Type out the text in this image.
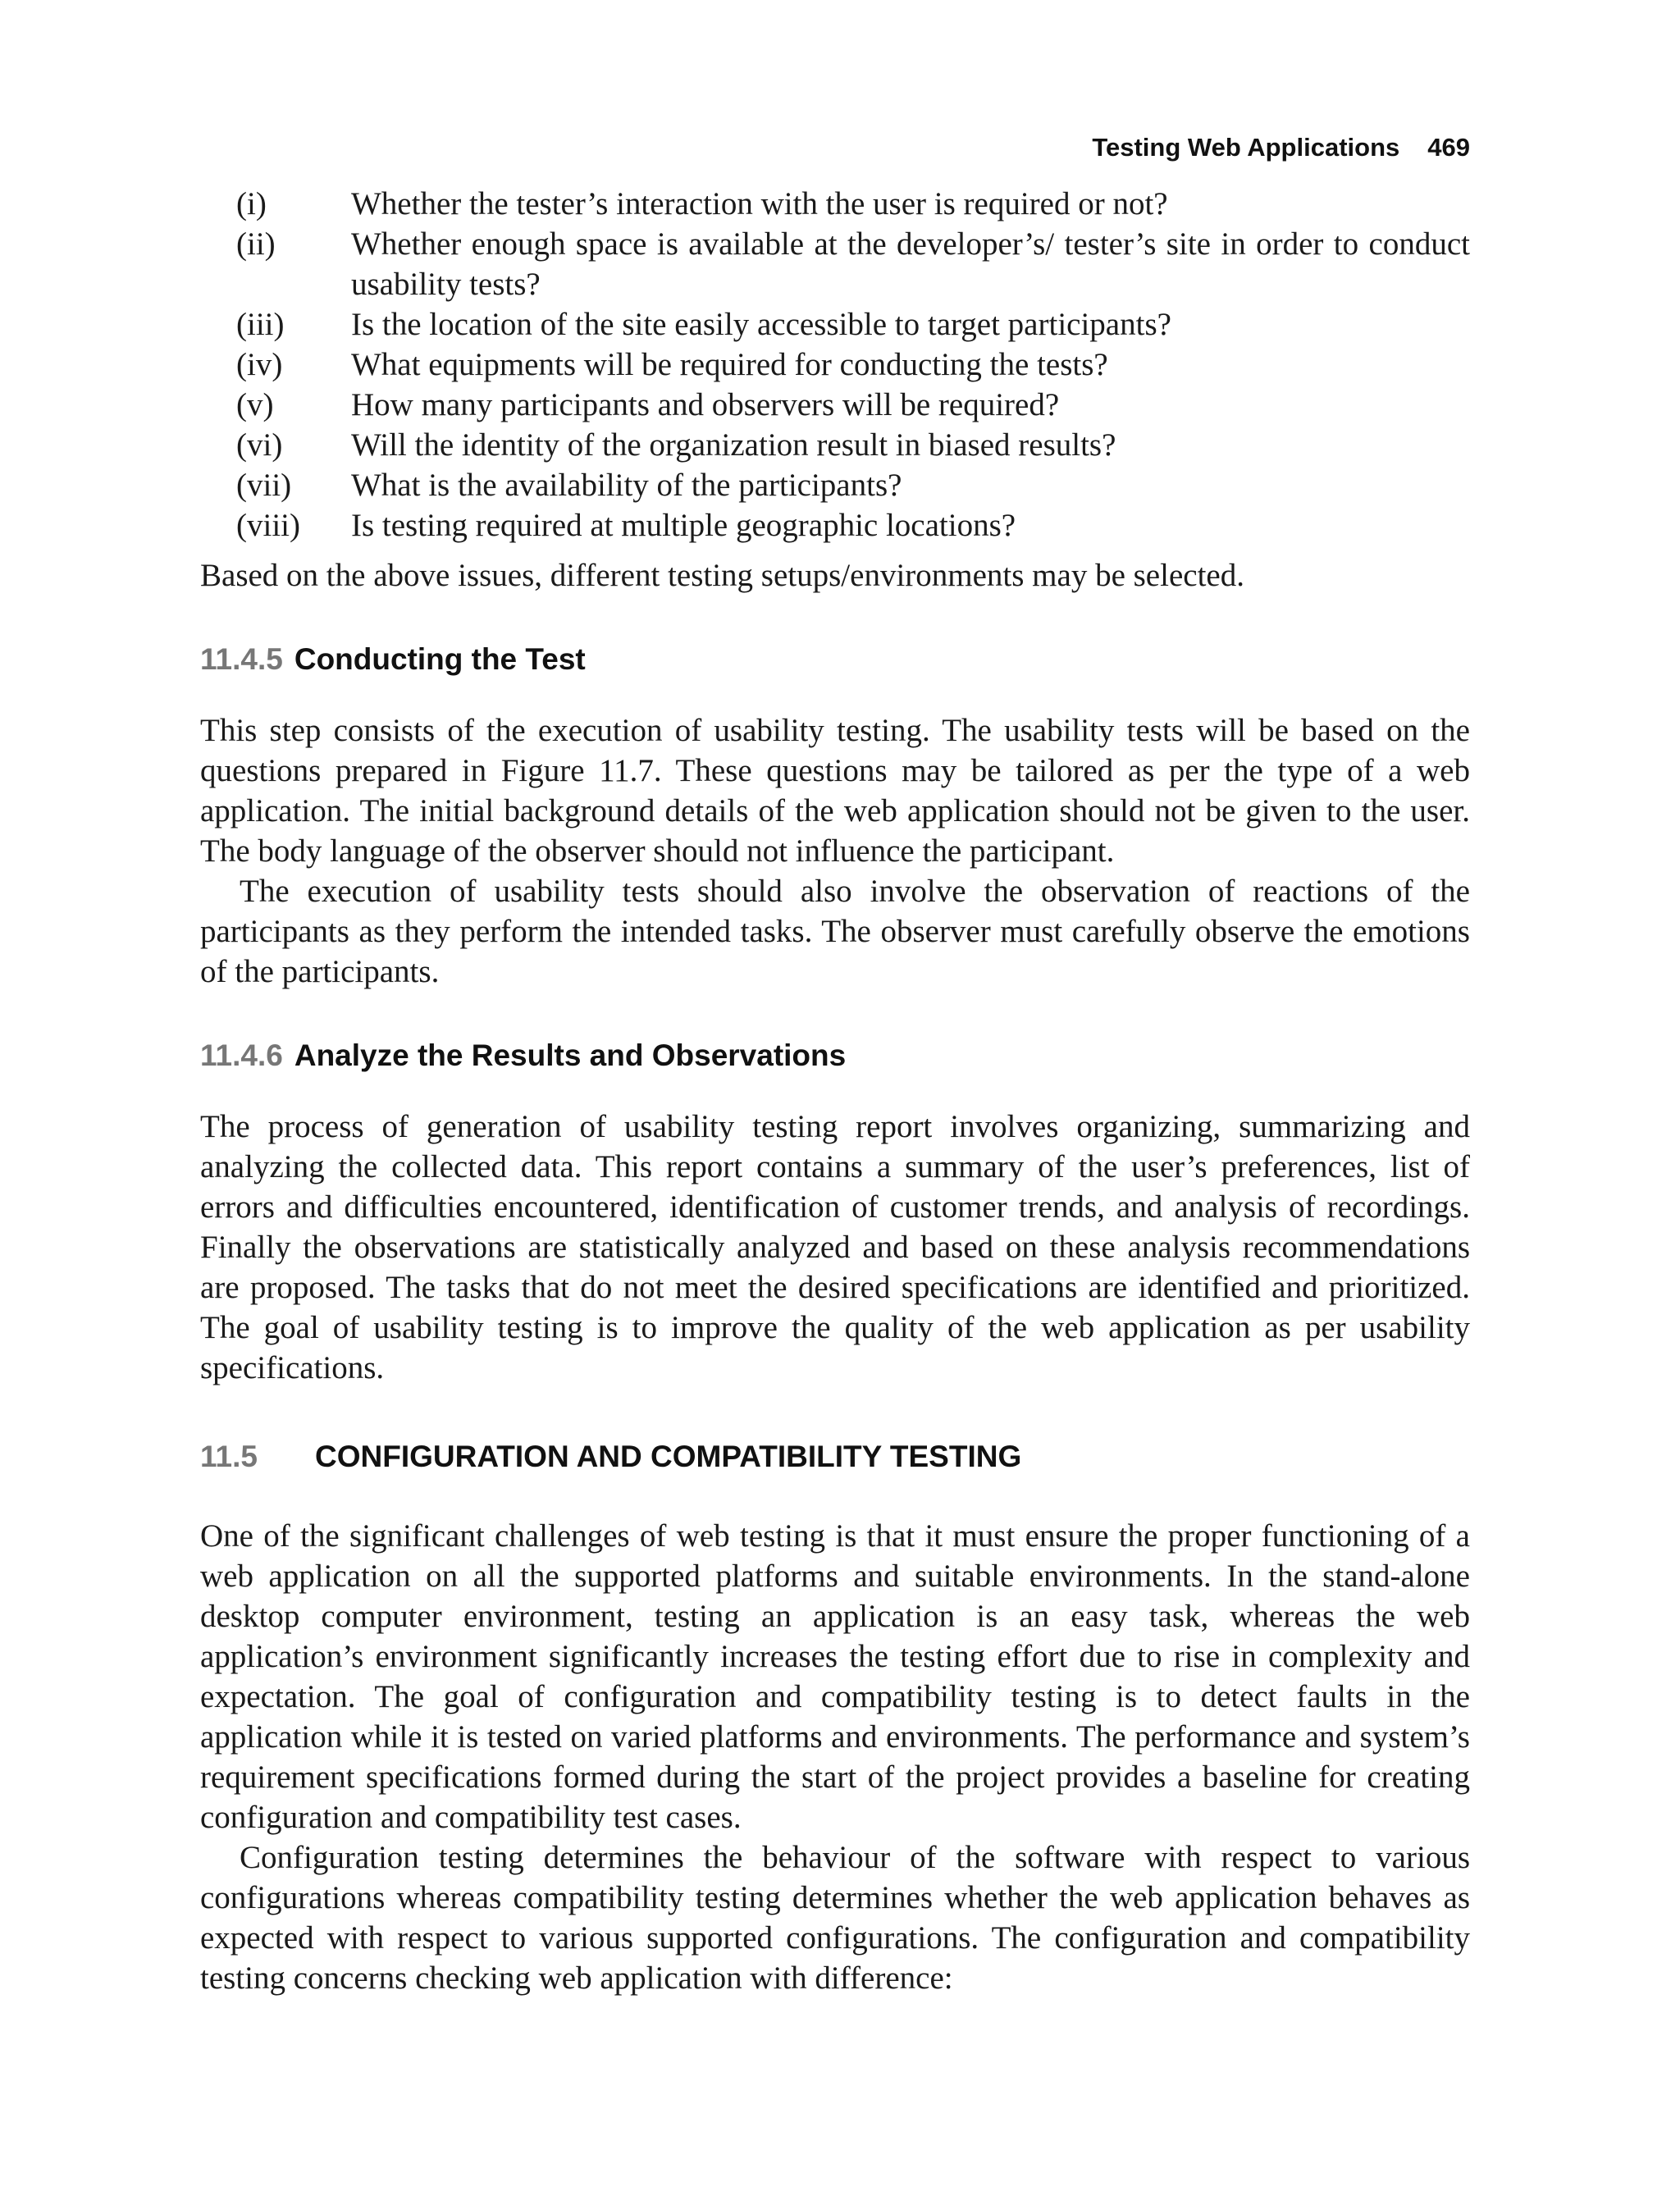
Testing Web Applications 469
(i)	Whether the tester’s interaction with the user is required or not?
(ii)	Whether enough space is available at the developer’s/ tester’s site in order to conduct usability tests?
(iii)	Is the location of the site easily accessible to target participants?
(iv)	What equipments will be required for conducting the tests?
(v)	How many participants and observers will be required?
(vi)	Will the identity of the organization result in biased results?
(vii)	What is the availability of the participants?
(viii)	Is testing required at multiple geographic locations?

Based on the above issues, different testing setups/environments may be selected.

11.4.5 Conducting the Test

This step consists of the execution of usability testing. The usability tests will be based on the questions prepared in Figure 11.7. These questions may be tailored as per the type of a web application. The initial background details of the web application should not be given to the user. The body language of the observer should not influence the participant.

The execution of usability tests should also involve the observation of reactions of the participants as they perform the intended tasks. The observer must carefully observe the emotions of the participants.

11.4.6 Analyze the Results and Observations

The process of generation of usability testing report involves organizing, summarizing and analyzing the collected data. This report contains a summary of the user’s preferences, list of errors and difficulties encountered, identification of customer trends, and analysis of recordings. Finally the observations are statistically analyzed and based on these analysis recommendations are proposed. The tasks that do not meet the desired specifications are identified and prioritized. The goal of usability testing is to improve the quality of the web application as per usability specifications.

11.5 CONFIGURATION AND COMPATIBILITY TESTING

One of the significant challenges of web testing is that it must ensure the proper functioning of a web application on all the supported platforms and suitable environments. In the stand-alone desktop computer environment, testing an application is an easy task, whereas the web application’s environment significantly increases the testing effort due to rise in complexity and expectation. The goal of configuration and compatibility testing is to detect faults in the application while it is tested on varied platforms and environments. The performance and system’s requirement specifications formed during the start of the project provides a baseline for creating configuration and compatibility test cases.

Configuration testing determines the behaviour of the software with respect to various configurations whereas compatibility testing determines whether the web application behaves as expected with respect to various supported configurations. The configuration and compatibility testing concerns checking web application with difference:
